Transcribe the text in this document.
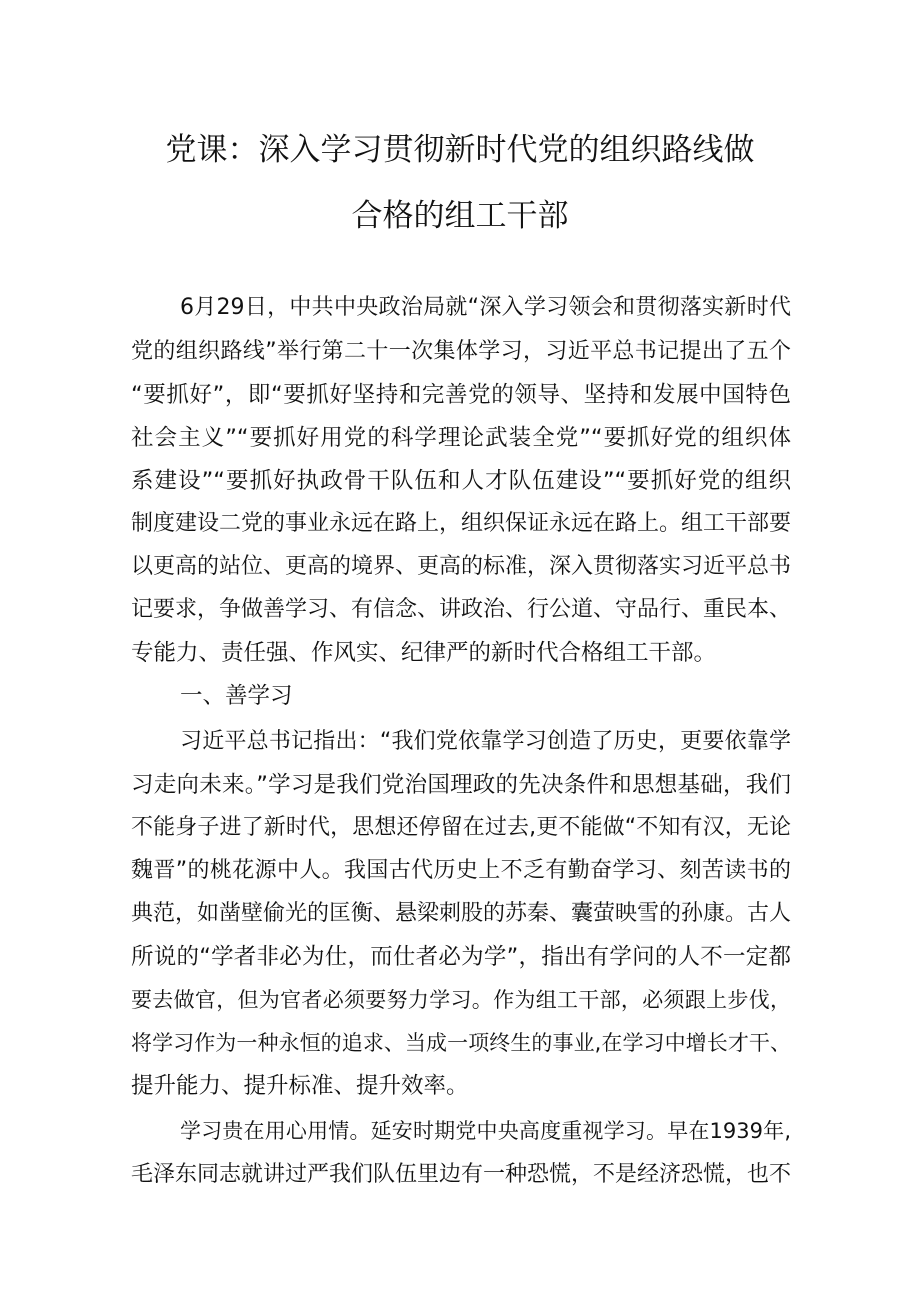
党课：深入学习贯彻新时代党的组织路线做
合格的组工干部
6月29日，中共中央政治局就“深入学习领会和贯彻落实新时代
党的组织路线”举行第二十一次集体学习，习近平总书记提出了五个
“要抓好”，即“要抓好坚持和完善党的领导、坚持和发展中国特色
社会主义”“要抓好用党的科学理论武装全党”“要抓好党的组织体
系建设”“要抓好执政骨干队伍和人才队伍建设”“要抓好党的组织
制度建设二党的事业永远在路上，组织保证永远在路上。组工干部要
以更高的站位、更高的境界、更高的标准，深入贯彻落实习近平总书
记要求，争做善学习、有信念、讲政治、行公道、守品行、重民本、
专能力、责任强、作风实、纪律严的新时代合格组工干部。
一、善学习
习近平总书记指出：“我们党依靠学习创造了历史，更要依靠学
习走向未来。”学习是我们党治国理政的先决条件和思想基础，我们
不能身子进了新时代，思想还停留在过去,更不能做“不知有汉，无论
魏晋”的桃花源中人。我国古代历史上不乏有勤奋学习、刻苦读书的
典范，如凿壁偷光的匡衡、悬梁刺股的苏秦、囊萤映雪的孙康。古人
所说的“学者非必为仕，而仕者必为学”，指出有学问的人不一定都
要去做官，但为官者必须要努力学习。作为组工干部，必须跟上步伐，
将学习作为一种永恒的追求、当成一项终生的事业,在学习中增长才干、
提升能力、提升标准、提升效率。
学习贵在用心用情。延安时期党中央高度重视学习。早在1939年,
毛泽东同志就讲过严我们队伍里边有一种恐慌，不是经济恐慌，也不
